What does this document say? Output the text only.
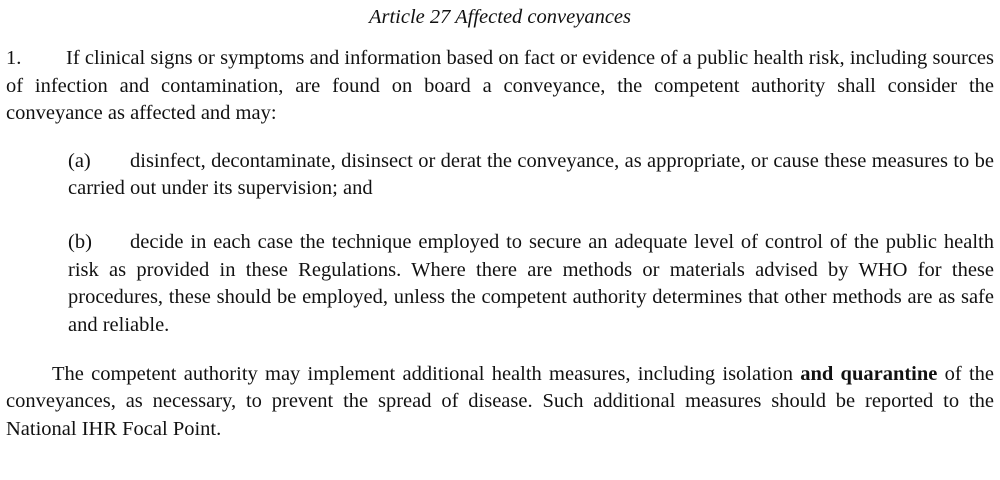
Article 27 Affected conveyances

1. If clinical signs or symptoms and information based on fact or evidence of a public health risk, including sources of infection and contamination, are found on board a conveyance, the competent authority shall consider the conveyance as affected and may:

(a) disinfect, decontaminate, disinsect or derat the conveyance, as appropriate, or cause these measures to be carried out under its supervision; and

(b) decide in each case the technique employed to secure an adequate level of control of the public health risk as provided in these Regulations. Where there are methods or materials advised by WHO for these procedures, these should be employed, unless the competent authority determines that other methods are as safe and reliable.

The competent authority may implement additional health measures, including isolation and quarantine of the conveyances, as necessary, to prevent the spread of disease. Such additional measures should be reported to the National IHR Focal Point.
